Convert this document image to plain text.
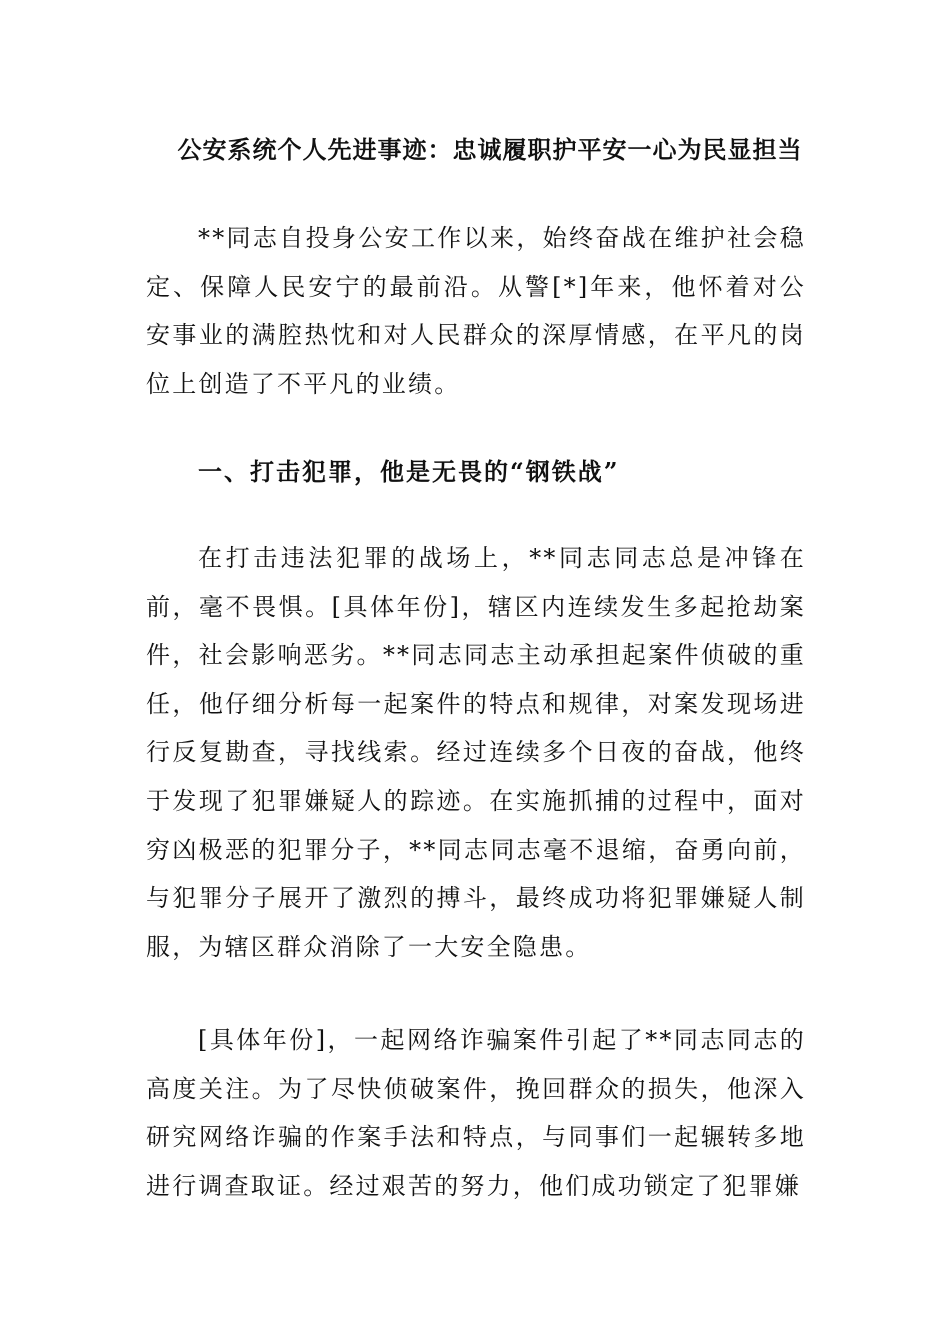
公安系统个人先进事迹：忠诚履职护平安一心为民显担当

**同志自投身公安工作以来，始终奋战在维护社会稳定、保障人民安宁的最前沿。从警[*]年来，他怀着对公安事业的满腔热忱和对人民群众的深厚情感，在平凡的岗位上创造了不平凡的业绩。

一、打击犯罪，他是无畏的“钢铁战”

在打击违法犯罪的战场上，**同志同志总是冲锋在前，毫不畏惧。[具体年份]，辖区内连续发生多起抢劫案件，社会影响恶劣。**同志同志主动承担起案件侦破的重任，他仔细分析每一起案件的特点和规律，对案发现场进行反复勘查，寻找线索。经过连续多个日夜的奋战，他终于发现了犯罪嫌疑人的踪迹。在实施抓捕的过程中，面对穷凶极恶的犯罪分子，**同志同志毫不退缩，奋勇向前，与犯罪分子展开了激烈的搏斗，最终成功将犯罪嫌疑人制服，为辖区群众消除了一大安全隐患。

[具体年份]，一起网络诈骗案件引起了**同志同志的高度关注。为了尽快侦破案件，挽回群众的损失，他深入研究网络诈骗的作案手法和特点，与同事们一起辗转多地进行调查取证。经过艰苦的努力，他们成功锁定了犯罪嫌
